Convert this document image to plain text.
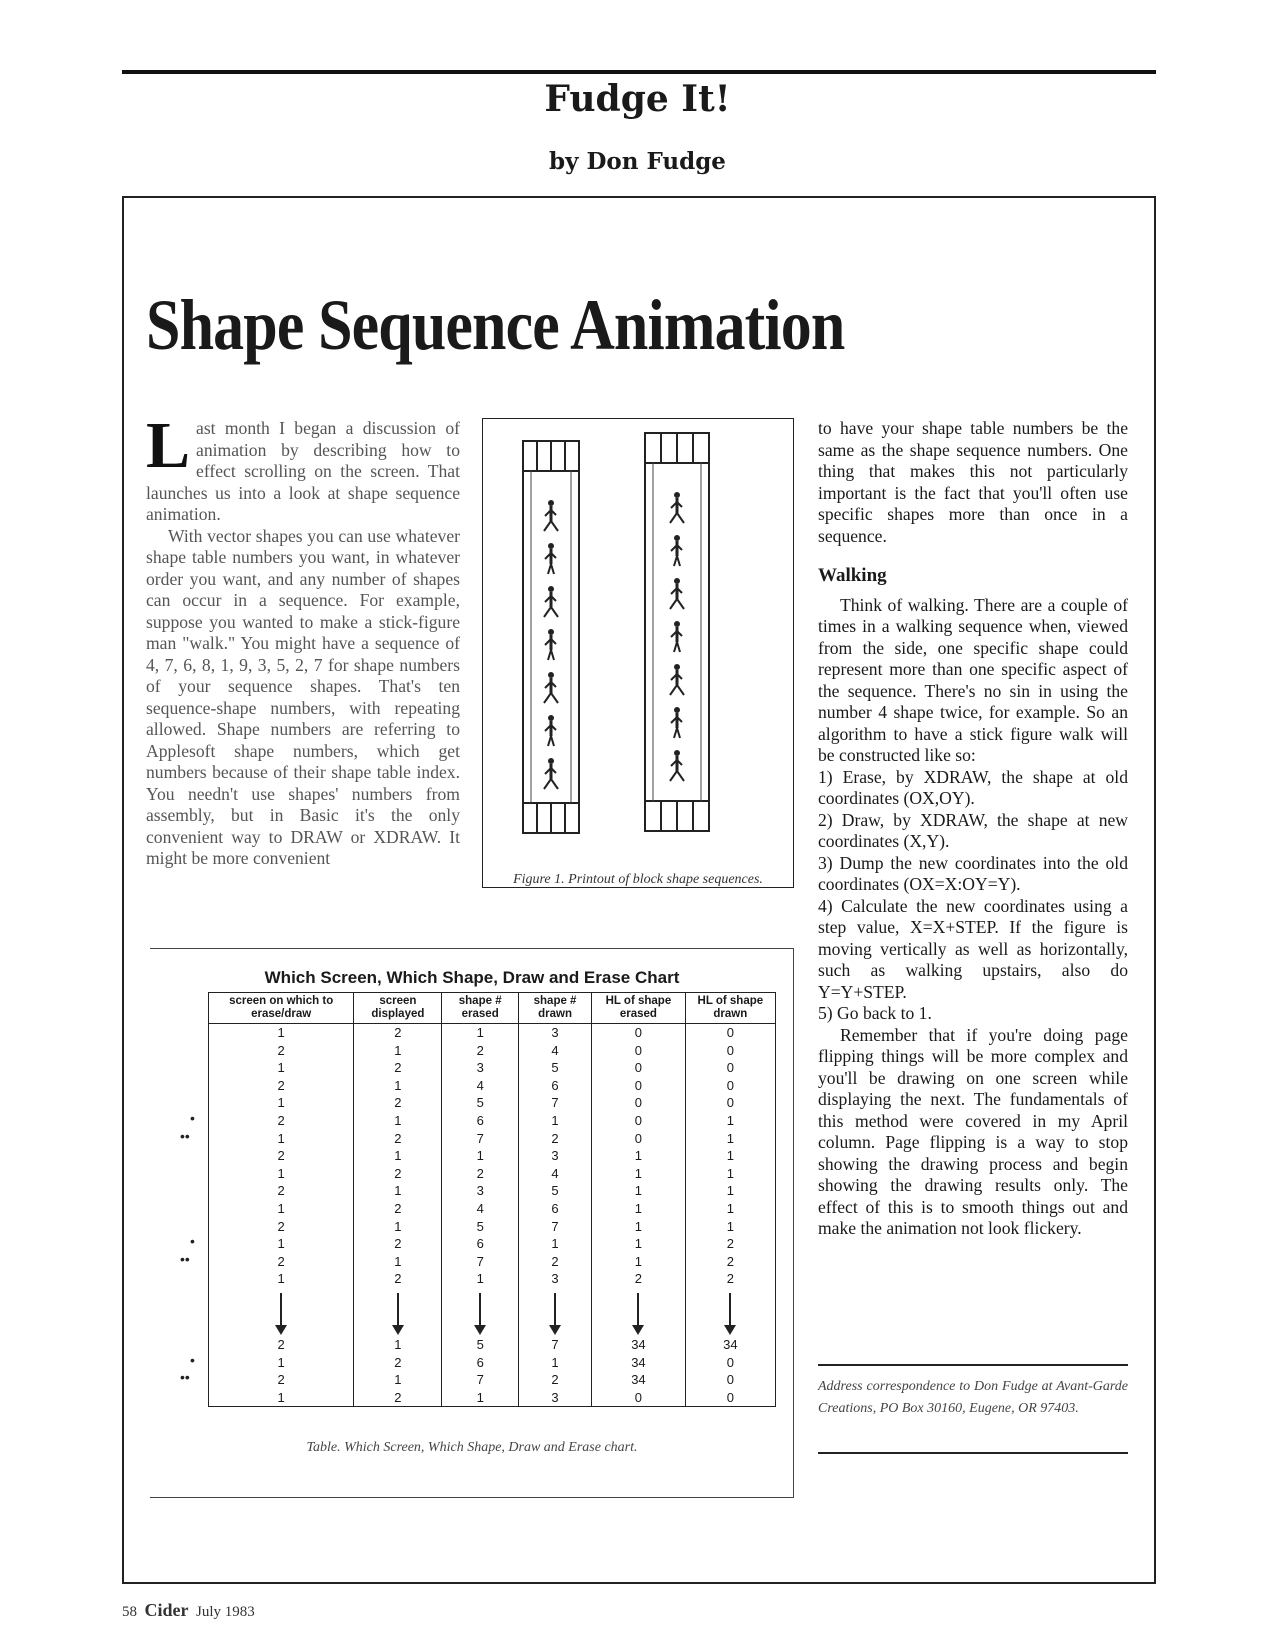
Fudge It!
by Don Fudge
Shape Sequence Animation

Last month I began a discussion of animation by describing how to effect scrolling on the screen. That launches us into a look at shape sequence animation.

With vector shapes you can use whatever shape table numbers you want, in whatever order you want, and any number of shapes can occur in a sequence. For example, suppose you wanted to make a stick-figure man "walk." You might have a sequence of 4, 7, 6, 8, 1, 9, 3, 5, 2, 7 for shape numbers of your sequence shapes. That's ten sequence-shape numbers, with repeating allowed. Shape numbers are referring to Applesoft shape numbers, which get numbers because of their shape table index. You needn't use shapes' numbers from assembly, but in Basic it's the only convenient way to DRAW or XDRAW. It might be more convenient

Figure 1. Printout of block shape sequences.
Which Screen, Which Shape, Draw and Erase Chart
screen on which to erase/draw	screen displayed	shape # erased	shape # drawn	HL of shape erased	HL of shape drawn
1	2	1	3	0	0
2	1	2	4	0	0
1	2	3	5	0	0
2	1	4	6	0	0
1	2	5	7	0	0
2	1	6	1	0	1
1	2	7	2	0	1
2	1	1	3	1	1
1	2	2	4	1	1
2	1	3	5	1	1
1	2	4	6	1	1
2	1	5	7	1	1
1	2	6	1	1	2
2	1	7	2	1	2
1	2	1	3	2	2

2	1	5	7	34	34
1	2	6	1	34	0
2	1	7	2	34	0
1	2	1	3	0	0
•
••
•
••
•
••
Table. Which Screen, Which Shape, Draw and Erase chart.

to have your shape table numbers be the same as the shape sequence numbers. One thing that makes this not particularly important is the fact that you'll often use specific shapes more than once in a sequence.

Walking

Think of walking. There are a couple of times in a walking sequence when, viewed from the side, one specific shape could represent more than one specific aspect of the sequence. There's no sin in using the number 4 shape twice, for example. So an algorithm to have a stick figure walk will be constructed like so:

1) Erase, by XDRAW, the shape at old coordinates (OX,OY).

2) Draw, by XDRAW, the shape at new coordinates (X,Y).

3) Dump the new coordinates into the old coordinates (OX=X:OY=Y).

4) Calculate the new coordinates using a step value, X=X+STEP. If the figure is moving vertically as well as horizontally, such as walking upstairs, also do Y=Y+STEP.

5) Go back to 1.

Remember that if you're doing page flipping things will be more complex and you'll be drawing on one screen while displaying the next. The fundamentals of this method were covered in my April column. Page flipping is a way to stop showing the drawing process and begin showing the drawing results only. The effect of this is to smooth things out and make the animation not look flickery.

Address correspondence to Don Fudge at Avant-Garde Creations, PO Box 30160, Eugene, OR 97403.
58 Cider July 1983
